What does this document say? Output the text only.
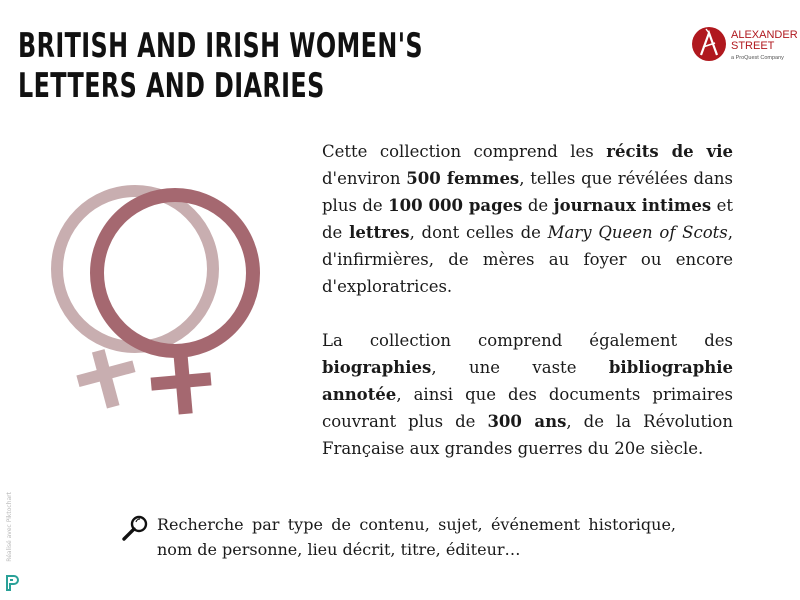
BRITISH AND IRISH WOMEN'S LETTERS AND DIARIES
ALEXANDER
STREET
a ProQuest Company

Cette collection comprend les récits de vie d'environ 500 femmes, telles que révélées dans plus de 100 000 pages de journaux intimes et de lettres, dont celles de Mary Queen of Scots, d'infirmières, de mères au foyer ou encore d'exploratrices.

La collection comprend également des biographies, une vaste bibliographie annotée, ainsi que des documents primaires couvrant plus de 300 ans, de la Révolution Française aux grandes guerres du 20e siècle.

Recherche par type de contenu, sujet, événement historique, nom de personne, lieu décrit, titre, éditeur…

Réalisé avec Piktochart
